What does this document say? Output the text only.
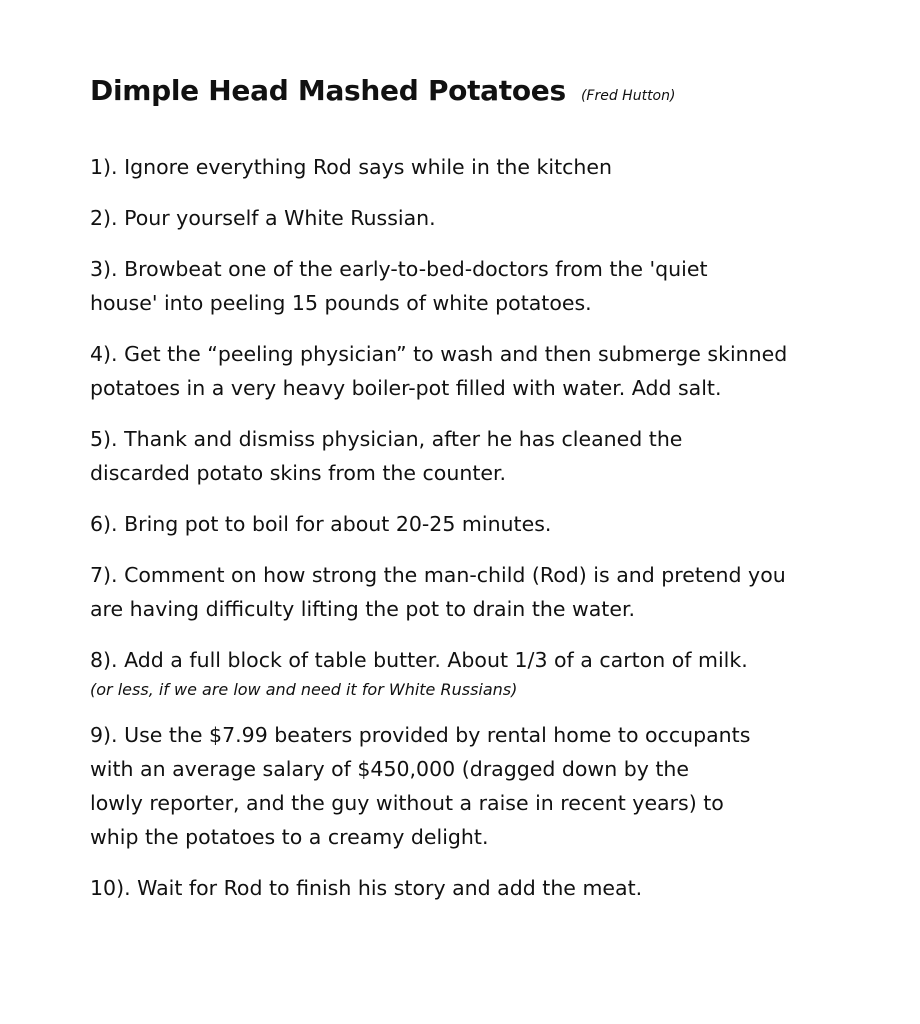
Dimple Head Mashed Potatoes (Fred Hutton)
1). Ignore everything Rod says while in the kitchen
2). Pour yourself a White Russian.
3). Browbeat one of the early-to-bed-doctors from the 'quiet
house' into peeling 15 pounds of white potatoes.
4). Get the “peeling physician” to wash and then submerge skinned
potatoes in a very heavy boiler-pot filled with water. Add salt.
5). Thank and dismiss physician, after he has cleaned the
discarded potato skins from the counter.
6). Bring pot to boil for about 20-25 minutes.
7). Comment on how strong the man-child (Rod) is and pretend you
are having difficulty lifting the pot to drain the water.
8). Add a full block of table butter. About 1/3 of a carton of milk.
(or less, if we are low and need it for White Russians)
9). Use the $7.99 beaters provided by rental home to occupants
with an average salary of $450,000 (dragged down by the
lowly reporter, and the guy without a raise in recent years) to
whip the potatoes to a creamy delight.
10). Wait for Rod to finish his story and add the meat.
